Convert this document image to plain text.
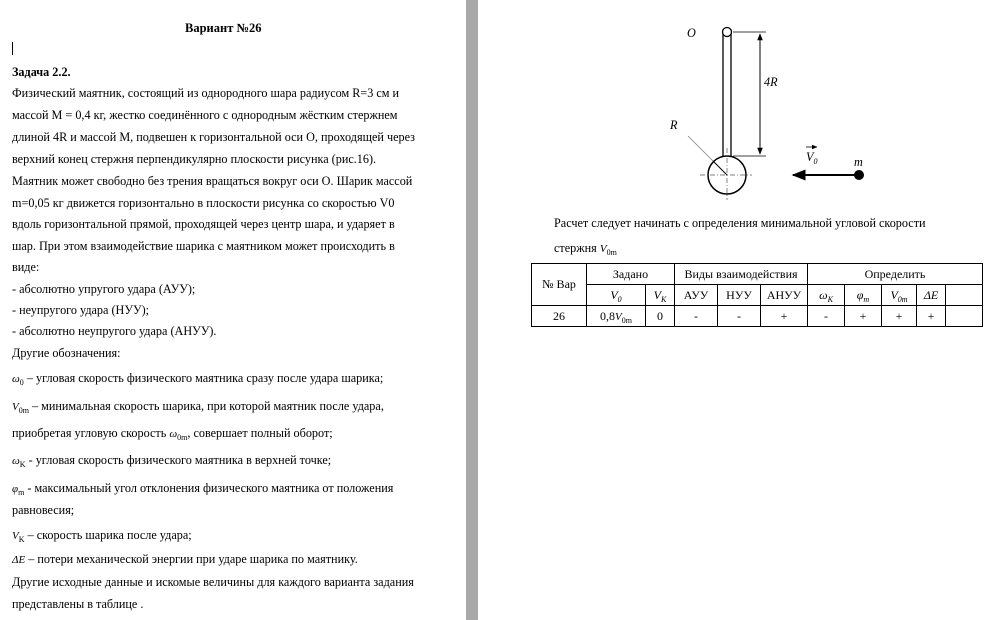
Вариант №26
Задача 2.2.
Физический маятник, состоящий из однородного шара радиусом R=3 см и
массой M = 0,4 кг, жестко соединённого с однородным жёстким стержнем
длиной 4R и массой М, подвешен к горизонтальной оси О, проходящей через
верхний конец стержня перпендикулярно плоскости рисунка (рис.16).
Маятник может свободно без трения вращаться вокруг оси О. Шарик массой
m=0,05 кг движется горизонтально в плоскости рисунка со скоростью V0
вдоль горизонтальной прямой, проходящей через центр шара, и ударяет в
шар. При этом взаимодействие шарика с маятником может происходить в
виде:
- абсолютно упругого удара (АУУ);
- неупругого удара (НУУ);
- абсолютно неупругого удара (АНУУ).
Другие обозначения:
$\omega_0$ – угловая скорость физического маятника сразу после удара шарика;
$V_{0m}$ – минимальная скорость шарика, при которой маятник после удара,
приобретая угловую скорость $\omega_{0m}$, совершает полный оборот;
$\omega_K$ - угловая скорость физического маятника в верхней точке;
$\varphi_m$ - максимальный угол отклонения физического маятника от положения
равновесия;
$V_K$ – скорость шарика после удара;
ΔE – потери механической энергии при ударе шарика по маятнику.
Другие исходные данные и искомые величины для каждого варианта задания
представлены в таблице .
O
4R
R
$V_0$	m
Расчет следует начинать с определения минимальной угловой скорости
стержня $V_{0m}$
№ Вар	Задано		Виды взаимодействия			Определить				
	$V_0$	$V_K$	АУУ	НУУ	АНУУ	$\omega_K$	$\varphi_m$	$V_{0m}$	ΔE	
26	$0,8V_{0m}$	0	-	-	+	-	+	+	+	
